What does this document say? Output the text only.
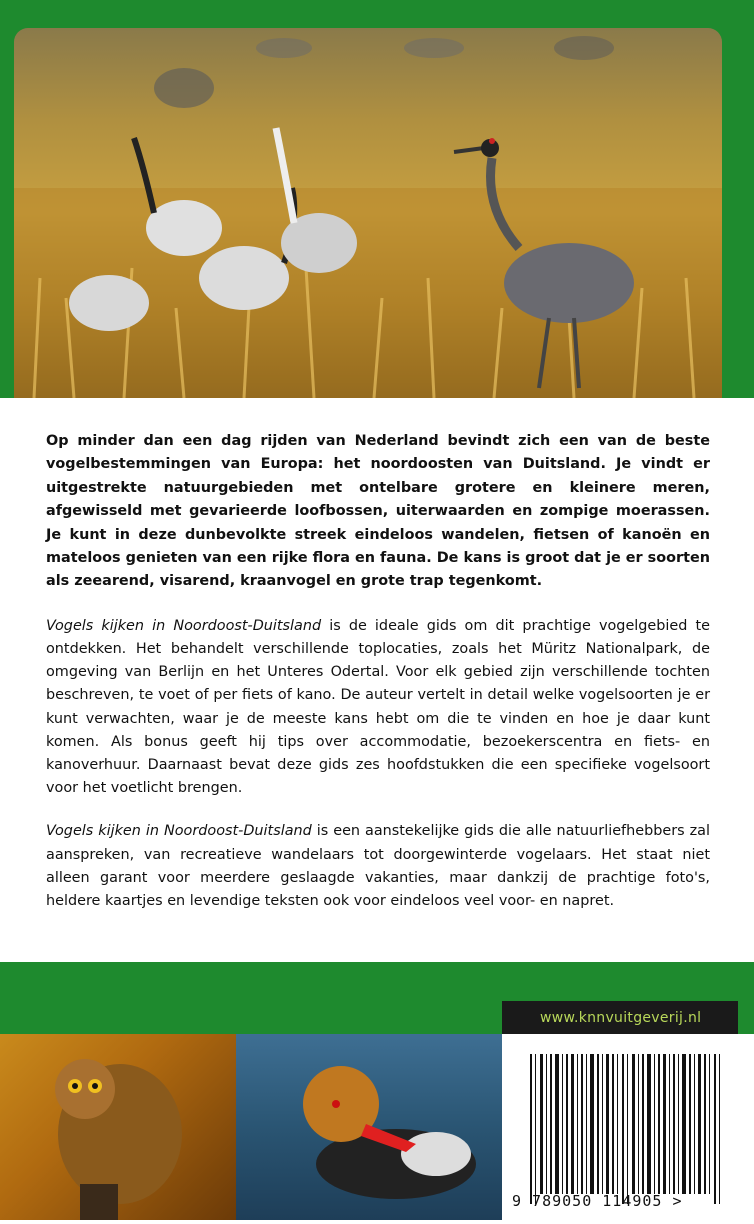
Op minder dan een dag rijden van Nederland bevindt zich een van de beste vogelbestemmingen van Europa: het noordoosten van Duitsland. Je vindt er uitgestrekte natuurgebieden met ontelbare grotere en kleinere meren, afgewisseld met gevarieerde loofbossen, uiterwaarden en zompige moerassen. Je kunt in deze dunbevolkte streek eindeloos wandelen, fietsen of kanoën en mateloos genieten van een rijke flora en fauna. De kans is groot dat je er soorten als zeearend, visarend, kraanvogel en grote trap tegenkomt.

Vogels kijken in Noordoost-Duitsland is de ideale gids om dit prachtige vogelgebied te ontdekken. Het behandelt verschillende toplocaties, zoals het Müritz Nationalpark, de omgeving van Berlijn en het Unteres Odertal. Voor elk gebied zijn verschillende tochten beschreven, te voet of per fiets of kano. De auteur vertelt in detail welke vogelsoorten je er kunt verwachten, waar je de meeste kans hebt om die te vinden en hoe je daar kunt komen. Als bonus geeft hij tips over accommodatie, bezoekerscentra en fiets- en kanoverhuur. Daarnaast bevat deze gids zes hoofdstukken die een specifieke vogelsoort voor het voetlicht brengen.

Vogels kijken in Noordoost-Duitsland is een aanstekelijke gids die alle natuurliefhebbers zal aanspreken, van recreatieve wandelaars tot doorgewinterde vogelaars. Het staat niet alleen garant voor meerdere geslaagde vakanties, maar dankzij de prachtige foto's, heldere kaartjes en levendige teksten ook voor eindeloos veel voor- en napret.

www.knnvuitgeverij.nl
9 789050 114905 >
